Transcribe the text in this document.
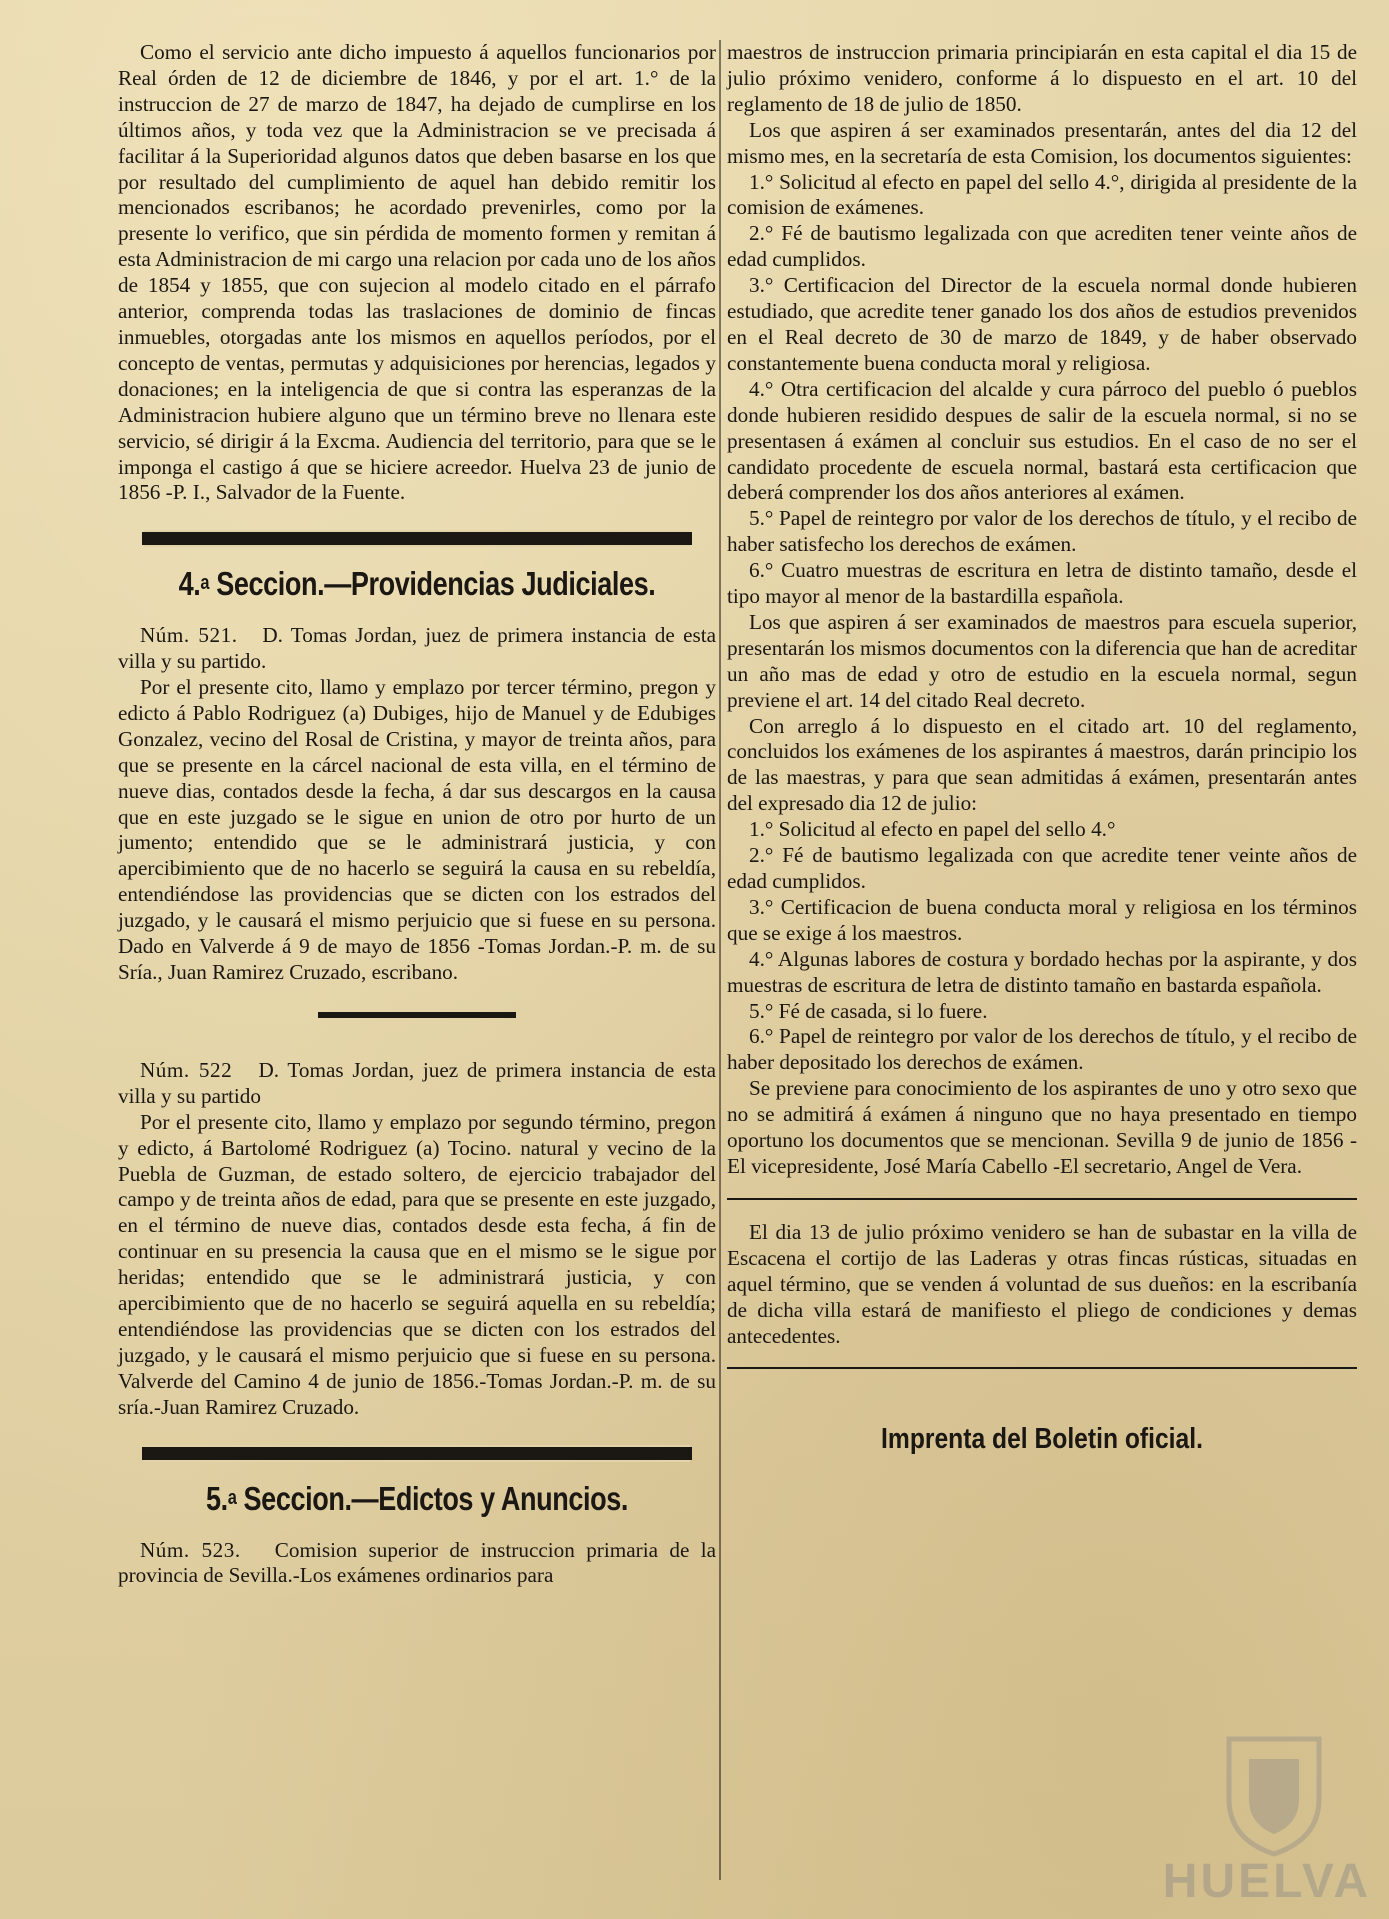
Como el servicio ante dicho impuesto á aquellos funcionarios por Real órden de 12 de diciembre de 1846, y por el art. 1.° de la instruccion de 27 de marzo de 1847, ha dejado de cumplirse en los últimos años, y toda vez que la Administracion se ve precisada á facilitar á la Superioridad algunos datos que deben basarse en los que por resultado del cumplimiento de aquel han debido remitir los mencionados escribanos; he acordado prevenirles, como por la presente lo verifico, que sin pérdida de momento formen y remitan á esta Administracion de mi cargo una relacion por cada uno de los años de 1854 y 1855, que con sujecion al modelo citado en el párrafo anterior, comprenda todas las traslaciones de dominio de fincas inmuebles, otorgadas ante los mismos en aquellos períodos, por el concepto de ventas, permutas y adquisiciones por herencias, legados y donaciones; en la inteligencia de que si contra las esperanzas de la Administracion hubiere alguno que un término breve no llenara este servicio, sé dirigir á la Excma. Audiencia del territorio, para que se le imponga el castigo á que se hiciere acreedor. Huelva 23 de junio de 1856 -P. I., Salvador de la Fuente.

4.$^a$ Seccion.—Providencias Judiciales.

Núm. 521. D. Tomas Jordan, juez de primera instancia de esta villa y su partido.

Por el presente cito, llamo y emplazo por tercer término, pregon y edicto á Pablo Rodriguez (a) Dubiges, hijo de Manuel y de Edubiges Gonzalez, vecino del Rosal de Cristina, y mayor de treinta años, para que se presente en la cárcel nacional de esta villa, en el término de nueve dias, contados desde la fecha, á dar sus descargos en la causa que en este juzgado se le sigue en union de otro por hurto de un jumento; entendido que se le administrará justicia, y con apercibimiento que de no hacerlo se seguirá la causa en su rebeldía, entendiéndose las providencias que se dicten con los estrados del juzgado, y le causará el mismo perjuicio que si fuese en su persona. Dado en Valverde á 9 de mayo de 1856 -Tomas Jordan.-P. m. de su Sría., Juan Ramirez Cruzado, escribano.

Núm. 522 D. Tomas Jordan, juez de primera instancia de esta villa y su partido

Por el presente cito, llamo y emplazo por segundo término, pregon y edicto, á Bartolomé Rodriguez (a) Tocino. natural y vecino de la Puebla de Guzman, de estado soltero, de ejercicio trabajador del campo y de treinta años de edad, para que se presente en este juzgado, en el término de nueve dias, contados desde esta fecha, á fin de continuar en su presencia la causa que en el mismo se le sigue por heridas; entendido que se le administrará justicia, y con apercibimiento que de no hacerlo se seguirá aquella en su rebeldía; entendiéndose las providencias que se dicten con los estrados del juzgado, y le causará el mismo perjuicio que si fuese en su persona. Valverde del Camino 4 de junio de 1856.-Tomas Jordan.-P. m. de su sría.-Juan Ramirez Cruzado.

5.$^a$ Seccion.—Edictos y Anuncios.

Núm. 523. Comision superior de instruccion primaria de la provincia de Sevilla.-Los exámenes ordinarios para

maestros de instruccion primaria principiarán en esta capital el dia 15 de julio próximo venidero, conforme á lo dispuesto en el art. 10 del reglamento de 18 de julio de 1850.

Los que aspiren á ser examinados presentarán, antes del dia 12 del mismo mes, en la secretaría de esta Comision, los documentos siguientes:

1.° Solicitud al efecto en papel del sello 4.°, dirigida al presidente de la comision de exámenes.

2.° Fé de bautismo legalizada con que acrediten tener veinte años de edad cumplidos.

3.° Certificacion del Director de la escuela normal donde hubieren estudiado, que acredite tener ganado los dos años de estudios prevenidos en el Real decreto de 30 de marzo de 1849, y de haber observado constantemente buena conducta moral y religiosa.

4.° Otra certificacion del alcalde y cura párroco del pueblo ó pueblos donde hubieren residido despues de salir de la escuela normal, si no se presentasen á exámen al concluir sus estudios. En el caso de no ser el candidato procedente de escuela normal, bastará esta certificacion que deberá comprender los dos años anteriores al exámen.

5.° Papel de reintegro por valor de los derechos de título, y el recibo de haber satisfecho los derechos de exámen.

6.° Cuatro muestras de escritura en letra de distinto tamaño, desde el tipo mayor al menor de la bastardilla española.

Los que aspiren á ser examinados de maestros para escuela superior, presentarán los mismos documentos con la diferencia que han de acreditar un año mas de edad y otro de estudio en la escuela normal, segun previene el art. 14 del citado Real decreto.

Con arreglo á lo dispuesto en el citado art. 10 del reglamento, concluidos los exámenes de los aspirantes á maestros, darán principio los de las maestras, y para que sean admitidas á exámen, presentarán antes del expresado dia 12 de julio:

1.° Solicitud al efecto en papel del sello 4.°

2.° Fé de bautismo legalizada con que acredite tener veinte años de edad cumplidos.

3.° Certificacion de buena conducta moral y religiosa en los términos que se exige á los maestros.

4.° Algunas labores de costura y bordado hechas por la aspirante, y dos muestras de escritura de letra de distinto tamaño en bastarda española.

5.° Fé de casada, si lo fuere.

6.° Papel de reintegro por valor de los derechos de título, y el recibo de haber depositado los derechos de exámen.

Se previene para conocimiento de los aspirantes de uno y otro sexo que no se admitirá á exámen á ninguno que no haya presentado en tiempo oportuno los documentos que se mencionan. Sevilla 9 de junio de 1856 -El vicepresidente, José María Cabello -El secretario, Angel de Vera.

El dia 13 de julio próximo venidero se han de subastar en la villa de Escacena el cortijo de las Laderas y otras fincas rústicas, situadas en aquel término, que se venden á voluntad de sus dueños: en la escribanía de dicha villa estará de manifiesto el pliego de condiciones y demas antecedentes.

Imprenta del Boletin oficial.
HUELVA
